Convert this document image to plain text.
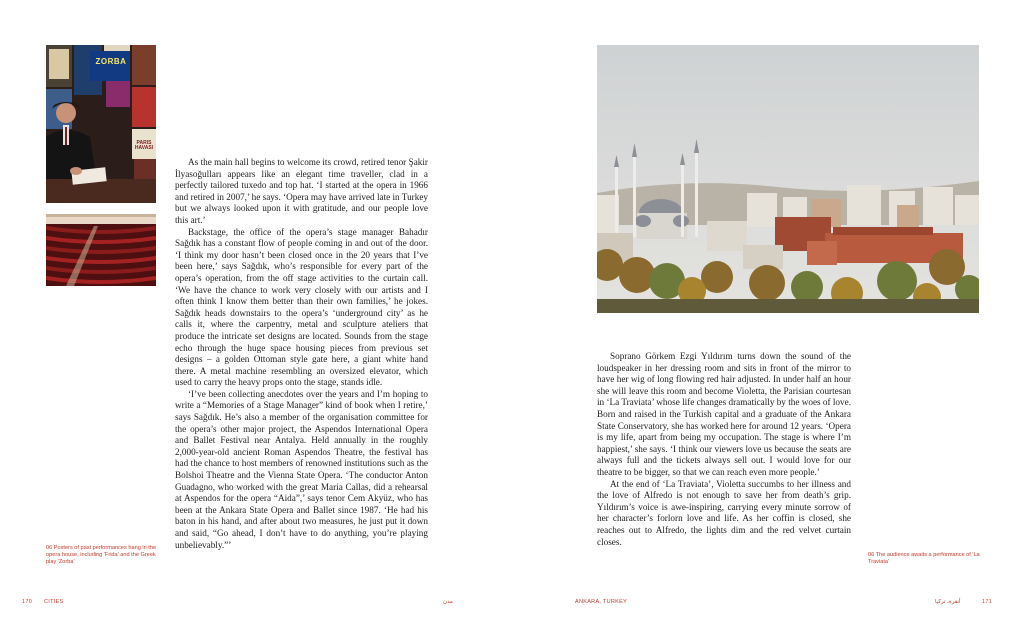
ZORBA
PARIS HAVASI
06 Posters of past performances hang in the opera house, including 'Frida' and the Greek play 'Zorba'

As the main hall begins to welcome its crowd, retired tenor Şakir İlyasoğulları appears like an elegant time traveller, clad in a perfectly tailored tuxedo and top hat. ‘I started at the opera in 1966 and retired in 2007,’ he says. ‘Opera may have arrived late in Turkey but we always looked upon it with gratitude, and our people love this art.’

Backstage, the office of the opera’s stage manager Bahadır Sağdık has a constant flow of people coming in and out of the door. ‘I think my door hasn’t been closed once in the 20 years that I’ve been here,’ says Sağdık, who’s responsible for every part of the opera’s operation, from the off stage activities to the curtain call. ‘We have the chance to work very closely with our artists and I often think I know them better than their own families,’ he jokes. Sağdık heads downstairs to the opera’s ‘underground city’ as he calls it, where the carpentry, metal and sculpture ateliers that produce the intricate set designs are located. Sounds from the stage echo through the huge space housing pieces from previous set designs – a golden Ottoman style gate here, a giant white hand there. A metal machine resembling an oversized elevator, which used to carry the heavy props onto the stage, stands idle.

‘I’ve been collecting anecdotes over the years and I’m hoping to write a “Memories of a Stage Manager” kind of book when I retire,’ says Sağdık. He’s also a member of the organisation committee for the opera’s other major project, the Aspendos International Opera and Ballet Festival near Antalya. Held annually in the roughly 2,000-year-old ancient Roman Aspendos Theatre, the festival has had the chance to host members of renowned institutions such as the Bolshoi Theatre and the Vienna State Opera. ‘The conductor Anton Guadagno, who worked with the great Maria Callas, did a rehearsal at Aspendos for the opera “Aida”,’ says tenor Cem Akyüz, who has been at the Ankara State Opera and Ballet since 1987. ‘He had his baton in his hand, and after about two measures, he just put it down and said, “Go ahead, I don’t have to do anything, you’re playing unbelievably.”’

170 CITIES	مدن
06 The audience awaits a performance of 'La Traviata'

Soprano Görkem Ezgi Yıldırım turns down the sound of the loudspeaker in her dressing room and sits in front of the mirror to have her wig of long flowing red hair adjusted. In under half an hour she will leave this room and become Violetta, the Parisian courtesan in ‘La Traviata’ whose life changes dramatically by the woes of love. Born and raised in the Turkish capital and a graduate of the Ankara State Conservatory, she has worked here for around 12 years. ‘Opera is my life, apart from being my occupation. The stage is where I’m happiest,’ she says. ‘I think our viewers love us because the seats are always full and the tickets always sell out. I would love for our theatre to be bigger, so that we can reach even more people.’

At the end of ‘La Traviata’, Violetta succumbs to her illness and the love of Alfredo is not enough to save her from death’s grip. Yıldırım’s voice is awe-inspiring, carrying every minute sorrow of her character’s forlorn love and life. As her coffin is closed, she reaches out to Alfredo, the lights dim and the red velvet curtain closes.

ANKARA, TURKEY	أنقرة، تركيا	171
